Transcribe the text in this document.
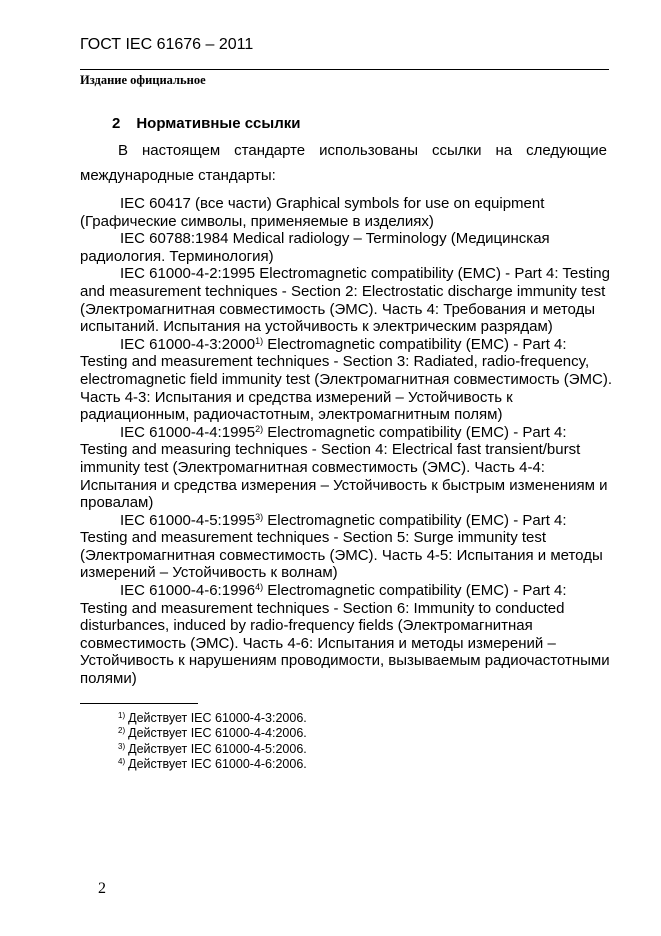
ГОСТ IEC 61676 – 2011
Издание официальное
2 Нормативные ссылки
В настоящем стандарте использованы ссылки на следующие
международные стандарты:
IEC 60417 (все части) Graphical symbols for use on equipment
(Графические символы, применяемые в изделиях)
IEC 60788:1984 Medical radiology – Terminology (Медицинская
радиология. Терминология)
IEC 61000-4-2:1995 Electromagnetic compatibility (EMC) - Part 4: Testing
and measurement techniques - Section 2: Electrostatic discharge immunity test
(Электромагнитная совместимость (ЭМС). Часть 4: Требования и методы
испытаний. Испытания на устойчивость к электрическим разрядам)
IEC 61000-4-3:2000$^{1)}$ Electromagnetic compatibility (EMC) - Part 4:
Testing and measurement techniques - Section 3: Radiated, radio-frequency,
electromagnetic field immunity test (Электромагнитная совместимость (ЭМС).
Часть 4-3: Испытания и средства измерений – Устойчивость к
радиационным, радиочастотным, электромагнитным полям)
IEC 61000-4-4:1995$^{2)}$ Electromagnetic compatibility (EMC) - Part 4:
Testing and measuring techniques - Section 4: Electrical fast transient/burst
immunity test (Электромагнитная совместимость (ЭМС). Часть 4-4:
Испытания и средства измерения – Устойчивость к быстрым изменениям и
провалам)
IEC 61000-4-5:1995$^{3)}$ Electromagnetic compatibility (EMC) - Part 4:
Testing and measurement techniques - Section 5: Surge immunity test
(Электромагнитная совместимость (ЭМС). Часть 4-5: Испытания и методы
измерений – Устойчивость к волнам)
IEC 61000-4-6:1996$^{4)}$ Electromagnetic compatibility (EMC) - Part 4:
Testing and measurement techniques - Section 6: Immunity to conducted
disturbances, induced by radio-frequency fields (Электромагнитная
совместимость (ЭМС). Часть 4-6: Испытания и методы измерений –
Устойчивость к нарушениям проводимости, вызываемым радиочастотными
полями)
$^{1)}$ Действует IEC 61000-4-3:2006.
$^{2)}$ Действует IEC 61000-4-4:2006.
$^{3)}$ Действует IEC 61000-4-5:2006.
$^{4)}$ Действует IEC 61000-4-6:2006.
2
